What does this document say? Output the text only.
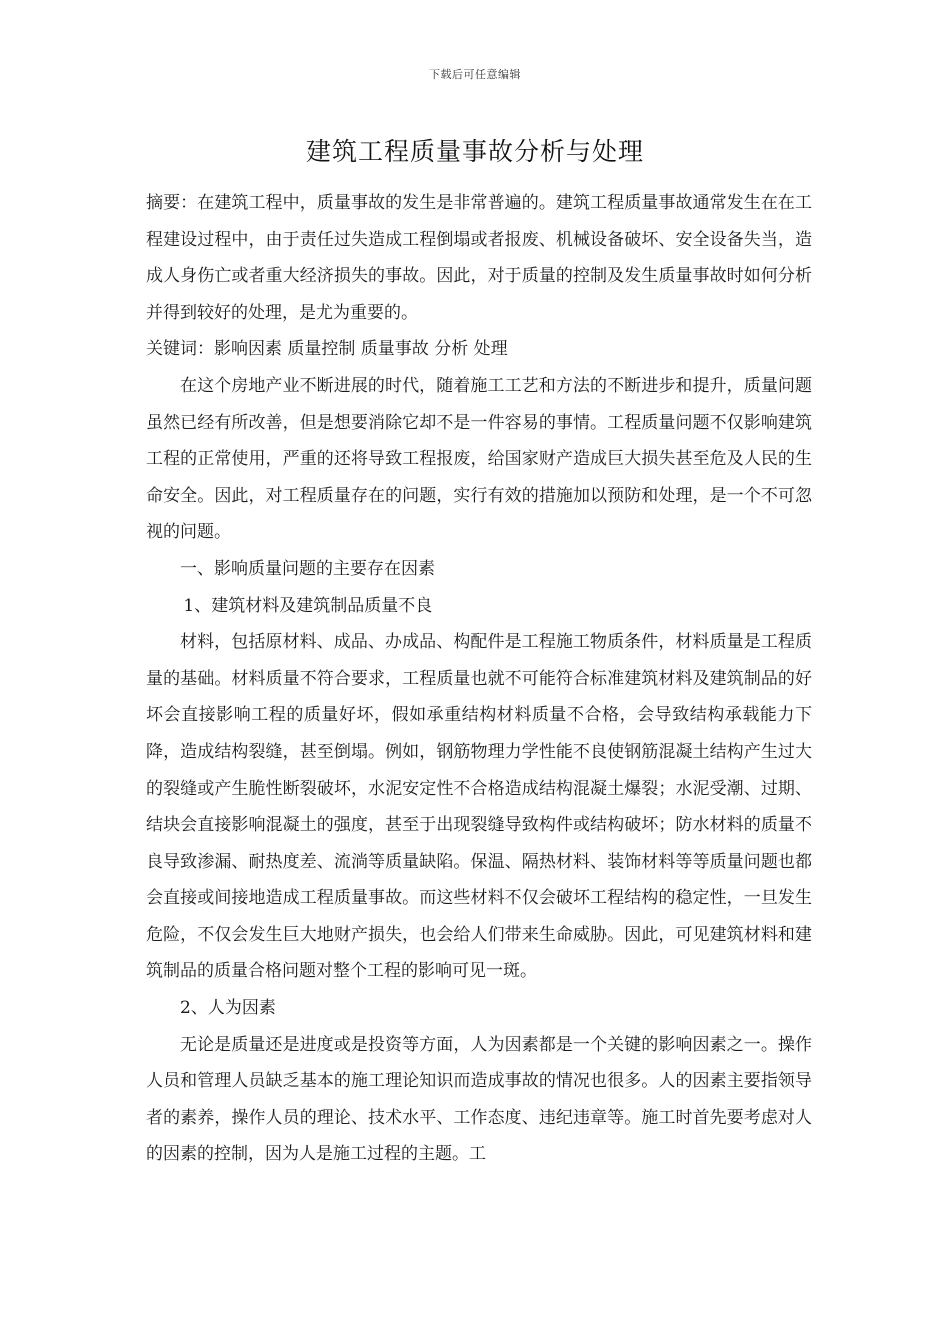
下载后可任意编辑
建筑工程质量事故分析与处理

摘要：在建筑工程中，质量事故的发生是非常普遍的。建筑工程质量事故通常发生在在工程建设过程中，由于责任过失造成工程倒塌或者报废、机械设备破坏、安全设备失当，造成人身伤亡或者重大经济损失的事故。因此，对于质量的控制及发生质量事故时如何分析并得到较好的处理，是尤为重要的。

关键词：影响因素 质量控制 质量事故 分析 处理

在这个房地产业不断进展的时代，随着施工工艺和方法的不断进步和提升，质量问题虽然已经有所改善，但是想要消除它却不是一件容易的事情。工程质量问题不仅影响建筑工程的正常使用，严重的还将导致工程报废，给国家财产造成巨大损失甚至危及人民的生命安全。因此，对工程质量存在的问题，实行有效的措施加以预防和处理，是一个不可忽视的问题。

一、影响质量问题的主要存在因素

1、建筑材料及建筑制品质量不良

材料，包括原材料、成品、办成品、构配件是工程施工物质条件，材料质量是工程质量的基础。材料质量不符合要求，工程质量也就不可能符合标准建筑材料及建筑制品的好坏会直接影响工程的质量好坏，假如承重结构材料质量不合格，会导致结构承载能力下降，造成结构裂缝，甚至倒塌。例如，钢筋物理力学性能不良使钢筋混凝土结构产生过大的裂缝或产生脆性断裂破坏，水泥安定性不合格造成结构混凝土爆裂；水泥受潮、过期、结块会直接影响混凝土的强度，甚至于出现裂缝导致构件或结构破坏；防水材料的质量不良导致渗漏、耐热度差、流淌等质量缺陷。保温、隔热材料、装饰材料等等质量问题也都会直接或间接地造成工程质量事故。而这些材料不仅会破坏工程结构的稳定性，一旦发生危险，不仅会发生巨大地财产损失，也会给人们带来生命威胁。因此，可见建筑材料和建筑制品的质量合格问题对整个工程的影响可见一斑。

2、人为因素

无论是质量还是进度或是投资等方面，人为因素都是一个关键的影响因素之一。操作人员和管理人员缺乏基本的施工理论知识而造成事故的情况也很多。人的因素主要指领导者的素养，操作人员的理论、技术水平、工作态度、违纪违章等。施工时首先要考虑对人的因素的控制，因为人是施工过程的主题。工
